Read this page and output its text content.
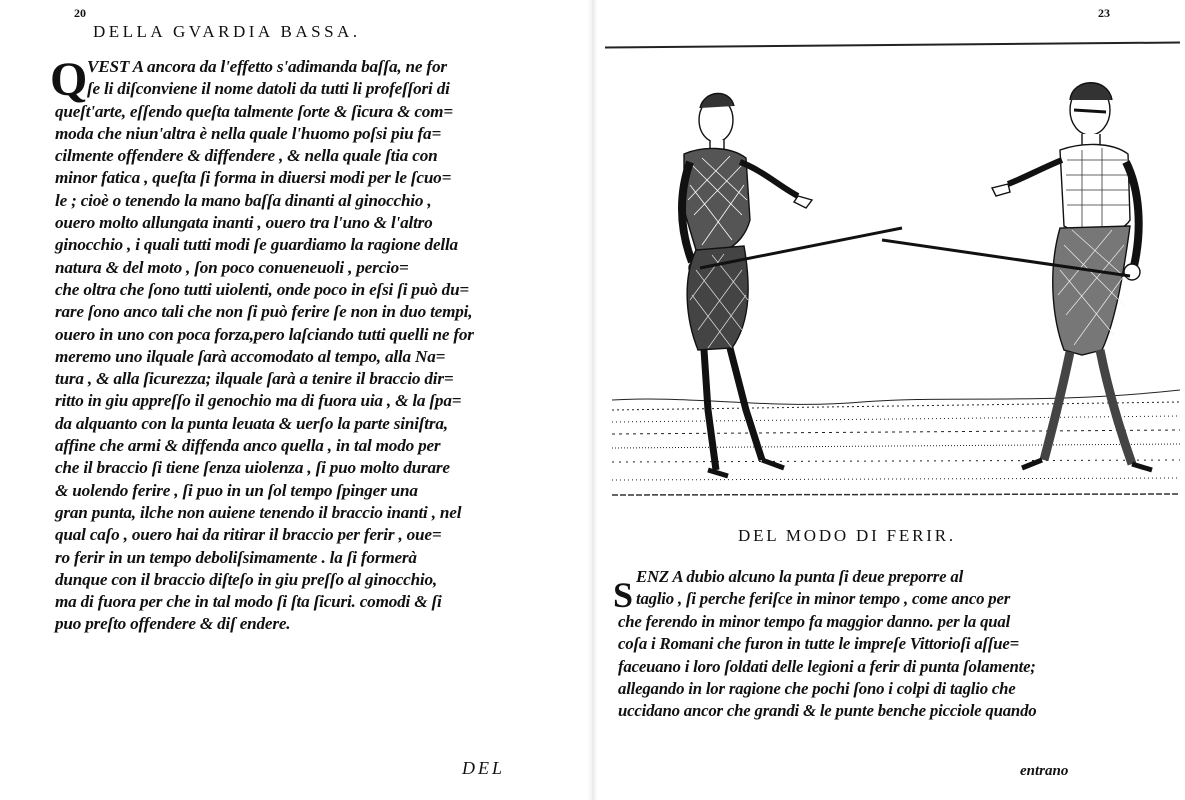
20
DELLA GVARDIA BASSA.
Q VEST A ancora da l'effetto s'adimanda baſſa, ne for
ſe li diſconviene il nome datoli da tutti li profeſſori di
queſt'arte, eſſendo queſta talmente ſorte & ſicura & com=
moda che niun'altra è nella quale l'huomo poſsi piu fa=
cilmente offendere & diffendere , & nella quale ſtia con
minor fatica , queſta ſi forma in diuersi modi per le ſcuo=
le ; cioè o tenendo la mano baſſa dinanti al ginocchio ,
ouero molto allungata inanti , ouero tra l'uno & l'altro
ginocchio , i quali tutti modi ſe guardiamo la ragione della
natura & del moto , ſon poco conueneuoli , percio=
che oltra che ſono tutti uiolenti, onde poco in eſsi ſi può du=
rare ſono anco tali che non ſi può ferire ſe non in duo tempi,
ouero in uno con poca forza,pero laſciando tutti quelli ne for
meremo uno ilquale ſarà accomodato al tempo, alla Na=
tura , & alla ſicurezza; ilquale ſarà a tenire il braccio dir=
ritto in giu appreſſo il genochio ma di fuora uia , & la ſpa=
da alquanto con la punta leuata & uerſo la parte siniſtra,
affine che armi & diffenda anco quella , in tal modo per
che il braccio ſi tiene ſenza uiolenza , ſi puo molto durare
& uolendo ferire , ſi puo in un ſol tempo ſpinger una
gran punta, ilche non auiene tenendo il braccio inanti , nel
qual caſo , ouero hai da ritirar il braccio per ferir , oue=
ro ferir in un tempo deboliſsimamente . la ſi formerà
dunque con il braccio diſteſo in giu preſſo al ginocchio,
ma di fuora per che in tal modo ſi ſta ſicuri. comodi & ſi
puo preſto offendere & diſ endere.
DEL
23
DEL MODO DI FERIR.
S ENZ A dubio alcuno la punta ſi deue preporre al
taglio , ſi perche feriſce in minor tempo , come anco per
che ferendo in minor tempo fa maggior danno. per la qual
coſa i Romani che furon in tutte le impreſe Vittorioſi aſſue=
faceuano i loro ſoldati delle legioni a ferir di punta ſolamente;
allegando in lor ragione che pochi ſono i colpi di taglio che
uccidano ancor che grandi & le punte benche picciole quando
entrano
